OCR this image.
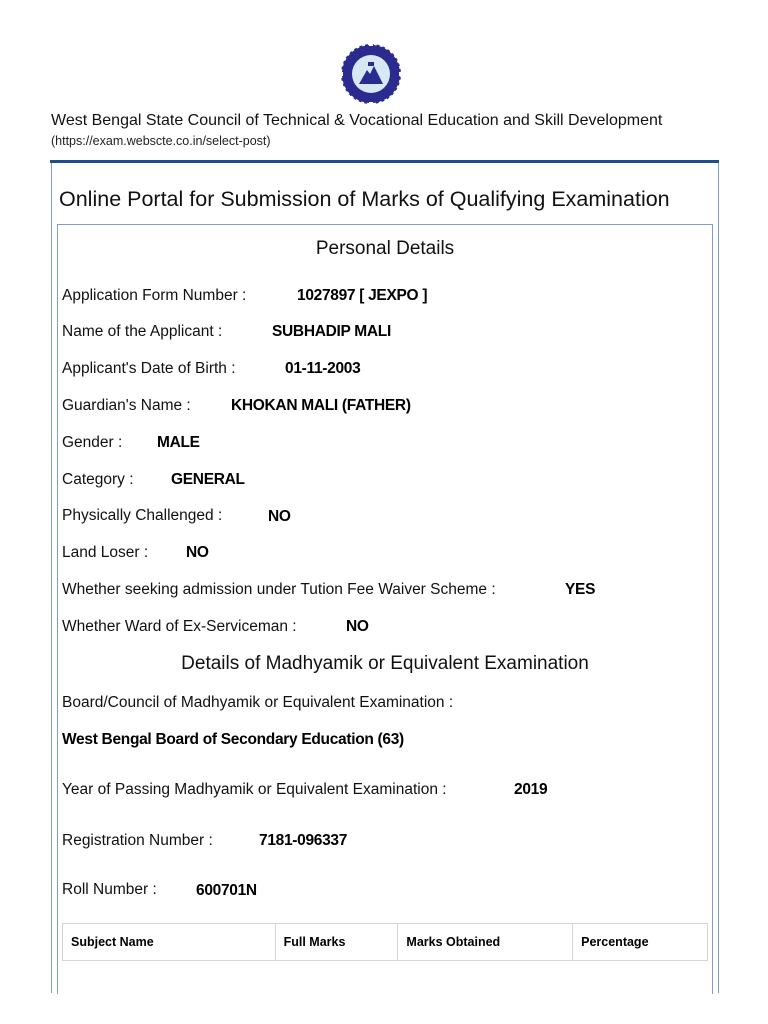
West Bengal State Council of Technical & Vocational Education and Skill Development
(https://exam.webscte.co.in/select-post)
Online Portal for Submission of Marks of Qualifying Examination
Personal Details
Application Form Number :	1027897 [ JEXPO ]
Name of the Applicant :	SUBHADIP MALI
Applicant's Date of Birth :	01-11-2003
Guardian's Name :	KHOKAN MALI (FATHER)
Gender : MALE
Category : GENERAL
Physically Challenged :	NO
Land Loser : NO
Whether seeking admission under Tution Fee Waiver Scheme :	YES
Whether Ward of Ex-Serviceman :	NO
Details of Madhyamik or Equivalent Examination
Board/Council of Madhyamik or Equivalent Examination :
West Bengal Board of Secondary Education (63)
Year of Passing Madhyamik or Equivalent Examination :	2019
Registration Number :	7181-096337
Roll Number :	600701N
Subject Name	Full Marks	Marks Obtained	Percentage
